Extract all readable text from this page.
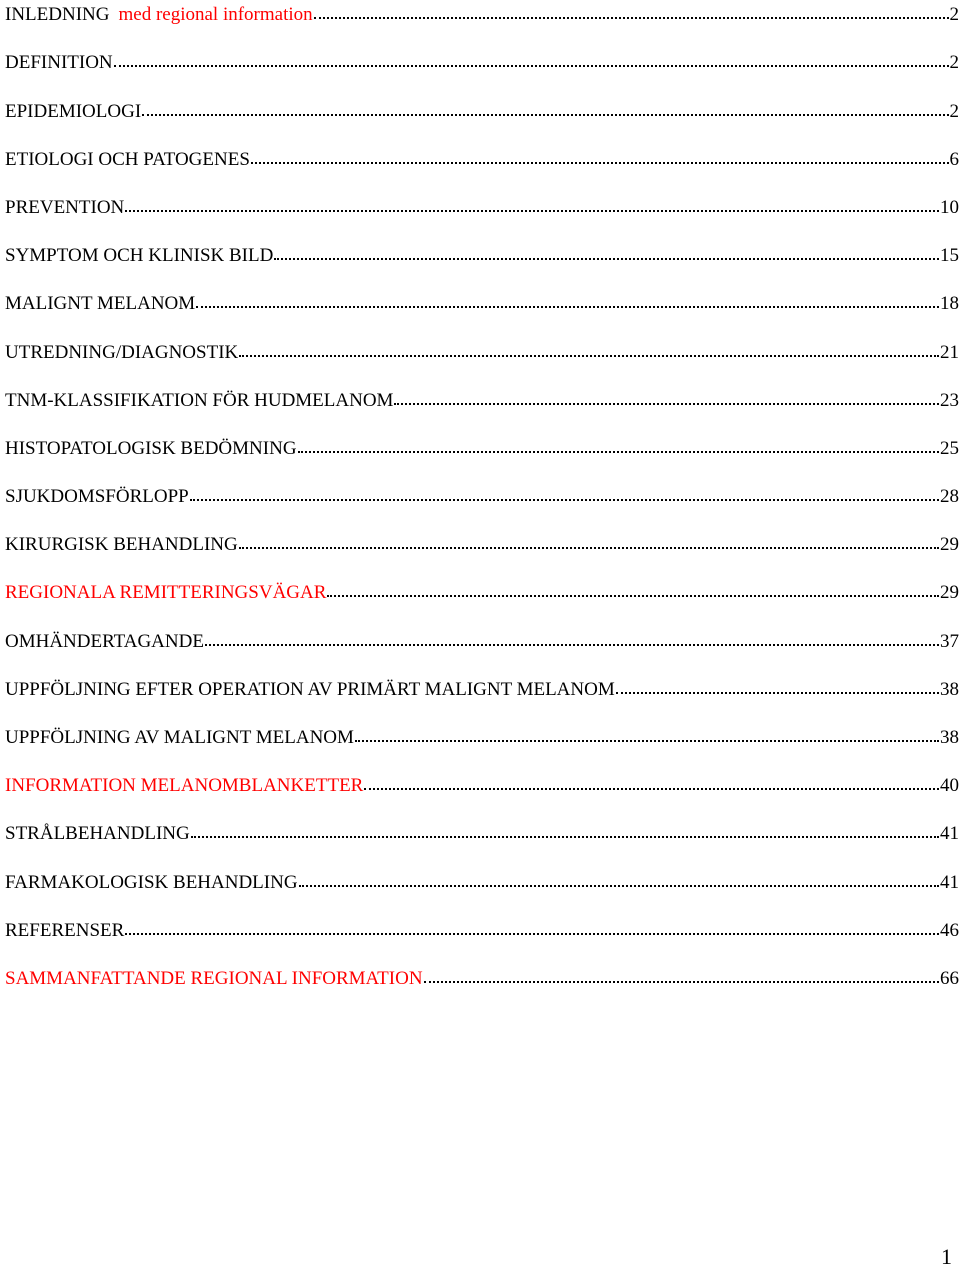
INLEDNING med regional information	2
DEFINITION	2
EPIDEMIOLOGI	2
ETIOLOGI OCH PATOGENES	6
PREVENTION	10
SYMPTOM OCH KLINISK BILD	15
MALIGNT MELANOM	18
UTREDNING/DIAGNOSTIK	21
TNM-KLASSIFIKATION FÖR HUDMELANOM	23
HISTOPATOLOGISK BEDÖMNING	25
SJUKDOMSFÖRLOPP	28
KIRURGISK BEHANDLING	29
REGIONALA REMITTERINGSVÄGAR	29
OMHÄNDERTAGANDE	37
UPPFÖLJNING EFTER OPERATION AV PRIMÄRT MALIGNT MELANOM	38
UPPFÖLJNING AV MALIGNT MELANOM	38
INFORMATION MELANOMBLANKETTER	40
STRÅLBEHANDLING	41
FARMAKOLOGISK BEHANDLING	41
REFERENSER	46
SAMMANFATTANDE REGIONAL INFORMATION	66
1
